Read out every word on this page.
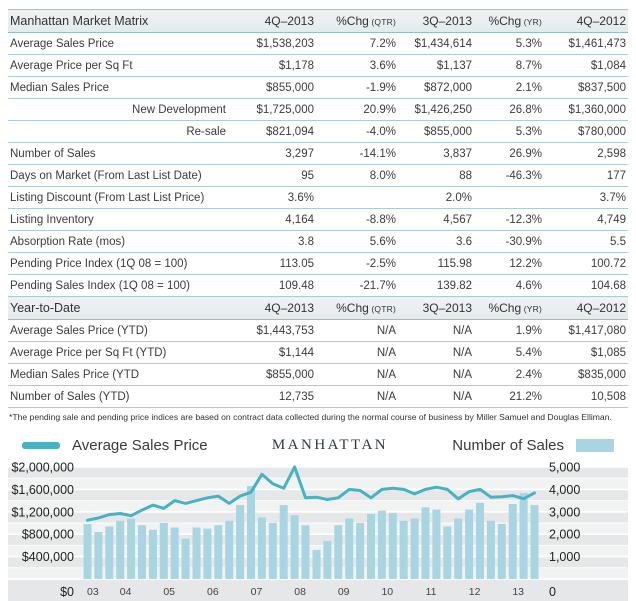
Manhattan Market Matrix	4Q–2013	%Chg (QTR)	3Q–2013	%Chg (YR)	4Q–2012
Average Sales Price	$1,538,203	7.2%	$1,434,614	5.3%	$1,461,473
Average Price per Sq Ft	$1,178	3.6%	$1,137	8.7%	$1,084
Median Sales Price	$855,000	-1.9%	$872,000	2.1%	$837,500
New Development	$1,725,000	20.9%	$1,426,250	26.8%	$1,360,000
Re-sale	$821,094	-4.0%	$855,000	5.3%	$780,000
Number of Sales	3,297	-14.1%	3,837	26.9%	2,598
Days on Market (From Last List Date)	95	8.0%	88	-46.3%	177
Listing Discount (From Last List Price)	3.6%		2.0%		3.7%
Listing Inventory	4,164	-8.8%	4,567	-12.3%	4,749
Absorption Rate (mos)	3.8	5.6%	3.6	-30.9%	5.5
Pending Price Index (1Q 08 = 100)	113.05	-2.5%	115.98	12.2%	100.72
Pending Sales Index (1Q 08 = 100)	109.48	-21.7%	139.82	4.6%	104.68
Year-to-Date	4Q–2013	%Chg (QTR)	3Q–2013	%Chg (YR)	4Q–2012
Average Sales Price (YTD)	$1,443,753	N/A	N/A	1.9%	$1,417,080
Average Price per Sq Ft (YTD)	$1,144	N/A	N/A	5.4%	$1,085
Median Sales Price (YTD	$855,000	N/A	N/A	2.4%	$835,000
Number of Sales (YTD)	12,735	N/A	N/A	21.2%	10,508
*The pending sale and pending price indices are based on contract data collected during the normal course of business by Miller Samuel and Douglas Elliman.
Average Sales Price	MANHATTAN	Number of Sales
$2,000,000
$1,600,000
$1,200,000
$800,000
$400,000
$0
5,000
4,000
3,000
2,000
1,000
0
03 04	05	06	07	08	09	10	11	12	13
